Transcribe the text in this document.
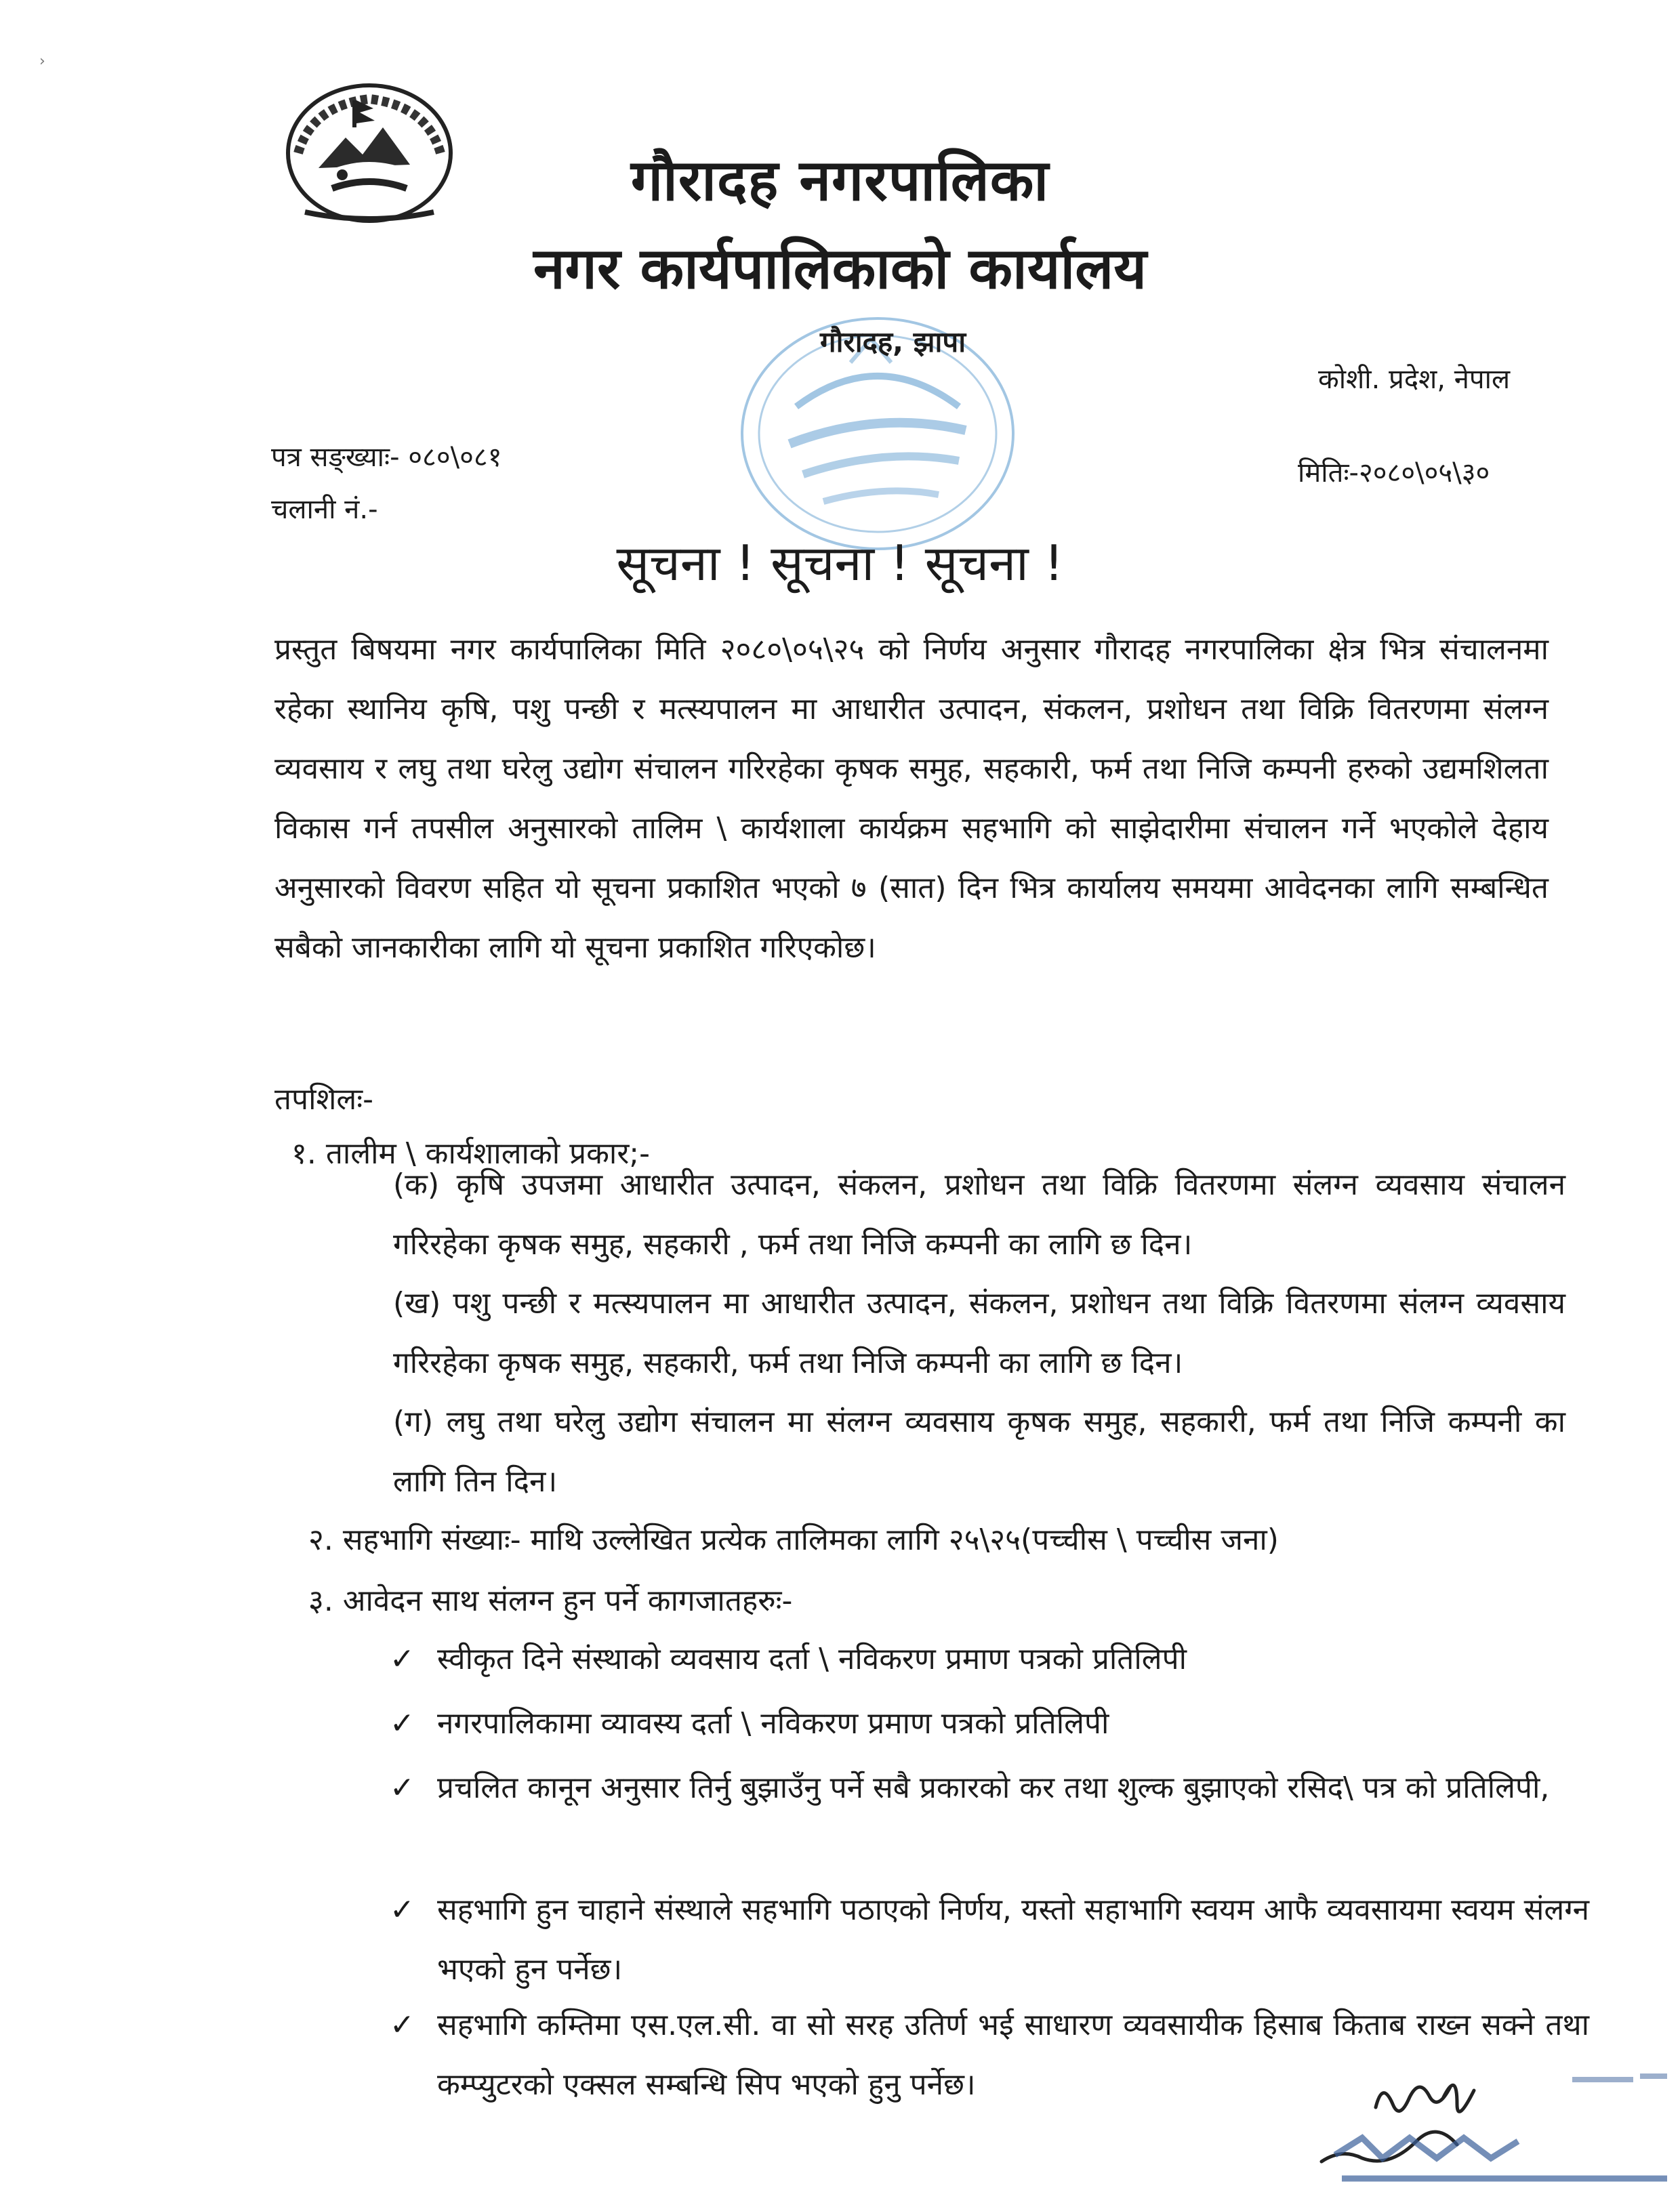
›
गौरादह नगरपालिका
नगर कार्यपालिकाको कार्यालय
गौरादह, झापा
कोशी. प्रदेश, नेपाल
पत्र सङ्ख्याः- ०८०\०८१
चलानी नं.-
मितिः-२०८०\०५\३०
सूचना ! सूचना ! सूचना !
प्रस्तुत बिषयमा नगर कार्यपालिका मिति २०८०\०५\२५ को निर्णय अनुसार गौरादह नगरपालिका क्षेत्र भित्र संचालनमा रहेका स्थानिय कृषि, पशु पन्छी र मत्स्यपालन मा आधारीत उत्पादन, संकलन, प्रशोधन तथा विक्रि वितरणमा संलग्न व्यवसाय र लघु तथा घरेलु उद्योग संचालन गरिरहेका कृषक समुह, सहकारी, फर्म तथा निजि कम्पनी हरुको उद्यमशिलता विकास गर्न तपसील अनुसारको तालिम \ कार्यशाला कार्यक्रम सहभागि को साझेदारीमा संचालन गर्ने भएकोले देहाय अनुसारको विवरण सहित यो सूचना प्रकाशित भएको ७ (सात) दिन भित्र कार्यालय समयमा आवेदनका लागि सम्बन्धित सबैको जानकारीका लागि यो सूचना प्रकाशित गरिएकोछ।
तपशिलः-
१. तालीम \ कार्यशालाको प्रकार;-
(क) कृषि उपजमा आधारीत उत्पादन, संकलन, प्रशोधन तथा विक्रि वितरणमा संलग्न व्यवसाय संचालन गरिरहेका कृषक समुह, सहकारी , फर्म तथा निजि कम्पनी का लागि छ दिन।
(ख) पशु पन्छी र मत्स्यपालन मा आधारीत उत्पादन, संकलन, प्रशोधन तथा विक्रि वितरणमा संलग्न व्यवसाय गरिरहेका कृषक समुह, सहकारी, फर्म तथा निजि कम्पनी का लागि छ दिन।
(ग) लघु तथा घरेलु उद्योग संचालन मा संलग्न व्यवसाय कृषक समुह, सहकारी, फर्म तथा निजि कम्पनी का लागि तिन दिन।
२. सहभागि संख्याः- माथि उल्लेखित प्रत्येक तालिमका लागि २५\२५(पच्चीस \ पच्चीस जना)
३. आवेदन साथ संलग्न हुन पर्ने कागजातहरुः-
✓ स्वीकृत दिने संस्थाको व्यवसाय दर्ता \ नविकरण प्रमाण पत्रको प्रतिलिपी
✓ नगरपालिकामा व्यावस्य दर्ता \ नविकरण प्रमाण पत्रको प्रतिलिपी
✓ प्रचलित कानून अनुसार तिर्नु बुझाउँनु पर्ने सबै प्रकारको कर तथा शुल्क बुझाएको रसिद\ पत्र को प्रतिलिपी,
✓ सहभागि हुन चाहाने संस्थाले सहभागि पठाएको निर्णय, यस्तो सहाभागि स्वयम आफै व्यवसायमा स्वयम संलग्न भएको हुन पर्नेछ।
✓ सहभागि कम्तिमा एस.एल.सी. वा सो सरह उतिर्ण भई साधारण व्यवसायीक हिसाब किताब राख्न सक्ने तथा कम्प्युटरको एक्सल सम्बन्धि सिप भएको हुनु पर्नेछ।
